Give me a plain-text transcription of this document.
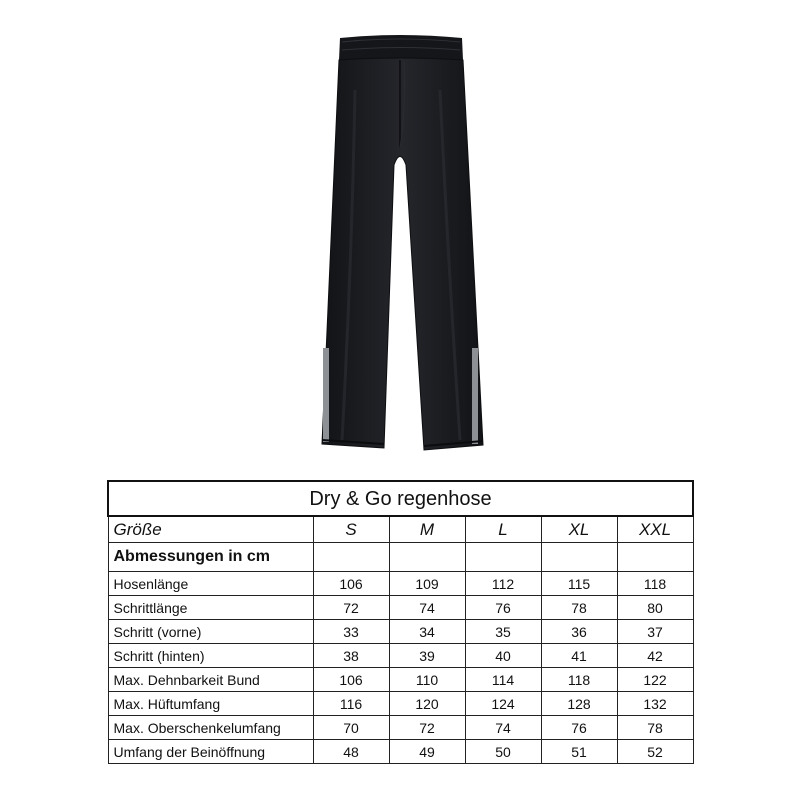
Dry & Go regenhose					
Größe	S	M	L	XL	XXL
Abmessungen in cm					
Hosenlänge	106	109	112	115	118
Schrittlänge	72	74	76	78	80
Schritt (vorne)	33	34	35	36	37
Schritt (hinten)	38	39	40	41	42
Max. Dehnbarkeit Bund	106	110	114	118	122
Max. Hüftumfang	116	120	124	128	132
Max. Oberschenkelumfang	70	72	74	76	78
Umfang der Beinöffnung	48	49	50	51	52
